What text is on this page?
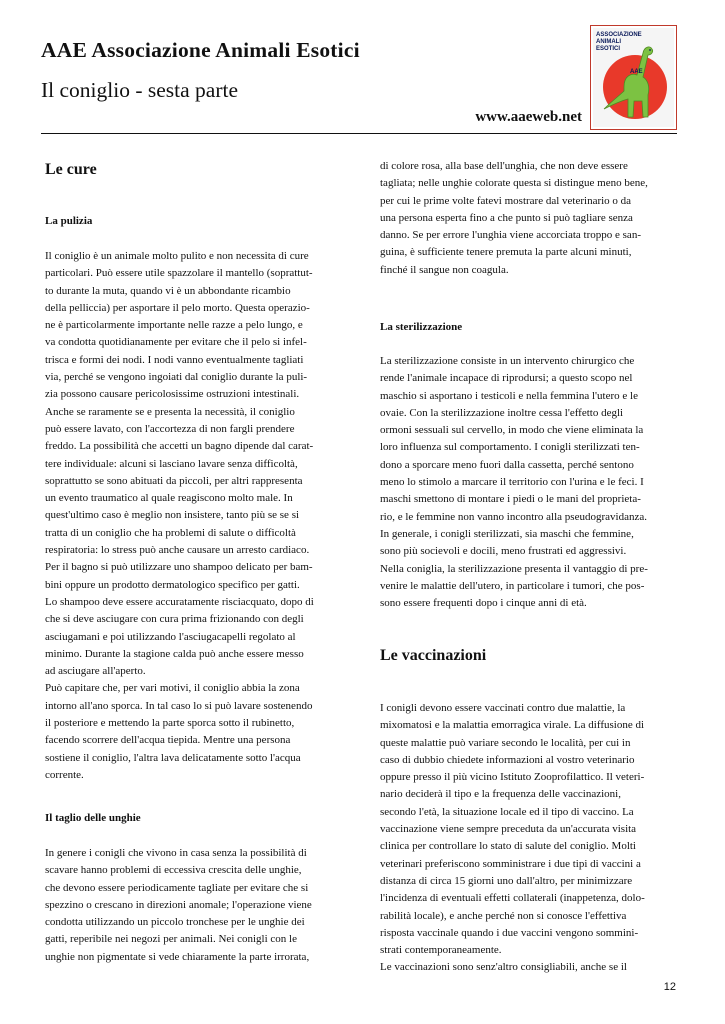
AAE Associazione Animali Esotici
Il coniglio - sesta parte
www.aaeweb.net
ASSOCIAZIONE
ANIMALI
ESOTICI
AAE
Le cure
La pulizia
Il coniglio è un animale molto pulito e non necessita di cure
particolari. Può essere utile spazzolare il mantello (soprattut-
to durante la muta, quando vi è un abbondante ricambio
della pelliccia) per asportare il pelo morto. Questa operazio-
ne è particolarmente importante nelle razze a pelo lungo, e
va condotta quotidianamente per evitare che il pelo si infel-
trisca e formi dei nodi. I nodi vanno eventualmente tagliati
via, perché se vengono ingoiati dal coniglio durante la puli-
zia possono causare pericolosissime ostruzioni intestinali.
Anche se raramente se e presenta la necessità, il coniglio
può essere lavato, con l'accortezza di non fargli prendere
freddo. La possibilità che accetti un bagno dipende dal carat-
tere individuale: alcuni si lasciano lavare senza difficoltà,
soprattutto se sono abituati da piccoli, per altri rappresenta
un evento traumatico al quale reagiscono molto male. In
quest'ultimo caso è meglio non insistere, tanto più se se si
tratta di un coniglio che ha problemi di salute o difficoltà
respiratoria: lo stress può anche causare un arresto cardiaco.
Per il bagno si può utilizzare uno shampoo delicato per bam-
bini oppure un prodotto dermatologico specifico per gatti.
Lo shampoo deve essere accuratamente risciacquato, dopo di
che si deve asciugare con cura prima frizionando con degli
asciugamani e poi utilizzando l'asciugacapelli regolato al
minimo. Durante la stagione calda può anche essere messo
ad asciugare all'aperto.
Può capitare che, per vari motivi, il coniglio abbia la zona
intorno all'ano sporca. In tal caso lo si può lavare sostenendo
il posteriore e mettendo la parte sporca sotto il rubinetto,
facendo scorrere dell'acqua tiepida. Mentre una persona
sostiene il coniglio, l'altra lava delicatamente sotto l'acqua
corrente.
Il taglio delle unghie
In genere i conigli che vivono in casa senza la possibilità di
scavare hanno problemi di eccessiva crescita delle unghie,
che devono essere periodicamente tagliate per evitare che si
spezzino o crescano in direzioni anomale; l'operazione viene
condotta utilizzando un piccolo tronchese per le unghie dei
gatti, reperibile nei negozi per animali. Nei conigli con le
unghie non pigmentate si vede chiaramente la parte irrorata,
di colore rosa, alla base dell'unghia, che non deve essere
tagliata; nelle unghie colorate questa si distingue meno bene,
per cui le prime volte fatevi mostrare dal veterinario o da
una persona esperta fino a che punto si può tagliare senza
danno. Se per errore l'unghia viene accorciata troppo e san-
guina, è sufficiente tenere premuta la parte alcuni minuti,
finché il sangue non coagula.
La sterilizzazione
La sterilizzazione consiste in un intervento chirurgico che
rende l'animale incapace di riprodursi; a questo scopo nel
maschio si asportano i testicoli e nella femmina l'utero e le
ovaie. Con la sterilizzazione inoltre cessa l'effetto degli
ormoni sessuali sul cervello, in modo che viene eliminata la
loro influenza sul comportamento. I conigli sterilizzati ten-
dono a sporcare meno fuori dalla cassetta, perché sentono
meno lo stimolo a marcare il territorio con l'urina e le feci. I
maschi smettono di montare i piedi o le mani del proprieta-
rio, e le femmine non vanno incontro alla pseudogravidanza.
In generale, i conigli sterilizzati, sia maschi che femmine,
sono più socievoli e docili, meno frustrati ed aggressivi.
Nella coniglia, la sterilizzazione presenta il vantaggio di pre-
venire le malattie dell'utero, in particolare i tumori, che pos-
sono essere frequenti dopo i cinque anni di età.
Le vaccinazioni
I conigli devono essere vaccinati contro due malattie, la
mixomatosi e la malattia emorragica virale. La diffusione di
queste malattie può variare secondo le località, per cui in
caso di dubbio chiedete informazioni al vostro veterinario
oppure presso il più vicino Istituto Zooprofilattico. Il veteri-
nario deciderà il tipo e la frequenza delle vaccinazioni,
secondo l'età, la situazione locale ed il tipo di vaccino. La
vaccinazione viene sempre preceduta da un'accurata visita
clinica per controllare lo stato di salute del coniglio. Molti
veterinari preferiscono somministrare i due tipi di vaccini a
distanza di circa 15 giorni uno dall'altro, per minimizzare
l'incidenza di eventuali effetti collaterali (inappetenza, dolo-
rabilità locale), e anche perché non si conosce l'effettiva
risposta vaccinale quando i due vaccini vengono sommini-
strati contemporaneamente.
Le vaccinazioni sono senz'altro consigliabili, anche se il
12
